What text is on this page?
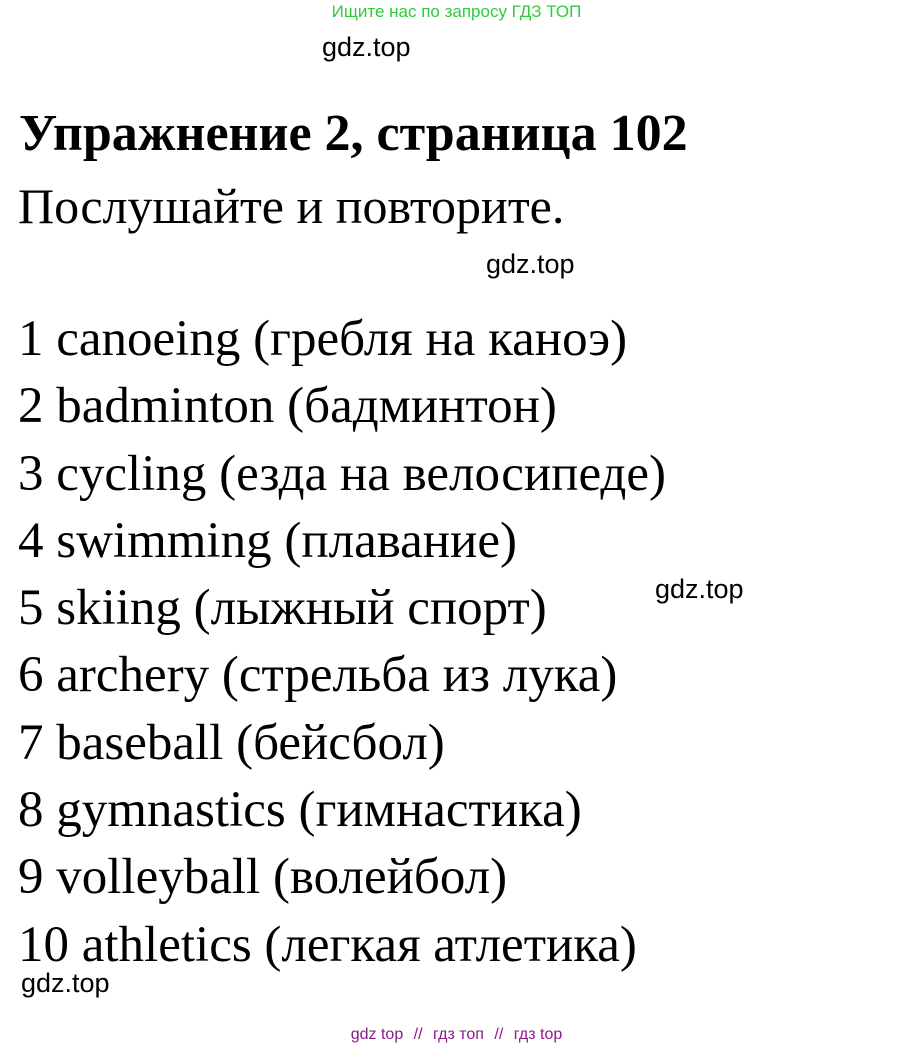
Ищите нас по запросу ГДЗ ТОП
gdz.top
Упражнение 2, страница 102
Послушайте и повторите.
gdz.top
1 canoeing (гребля на каноэ)
2 badminton (бадминтон)
3 cycling (езда на велосипеде)
4 swimming (плавание)
5 skiing (лыжный спорт)
6 archery (стрельба из лука)
7 baseball (бейсбол)
8 gymnastics (гимнастика)
9 volleyball (волейбол)
10 athletics (легкая атлетика)
gdz.top
gdz.top
gdz top // гдз топ // гдз top
